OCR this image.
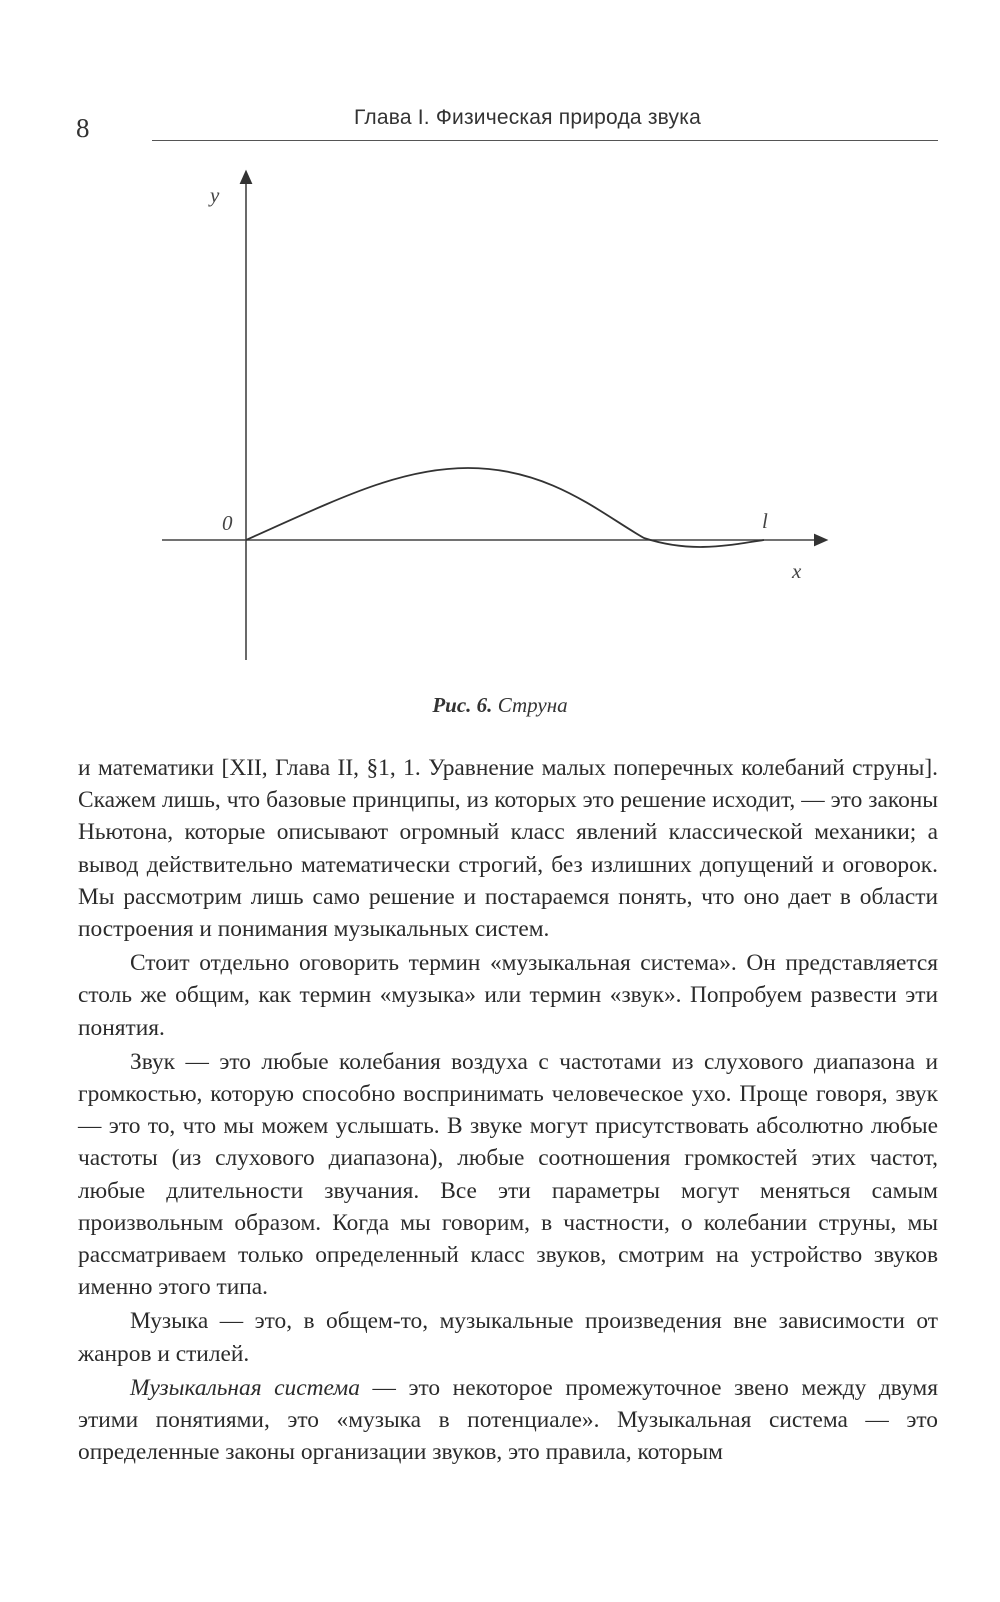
8	Глава I. Физическая природа звука
y
x
0	l
Рис. 6. Струна

и математики [XII, Глава II, §1, 1. Уравнение малых поперечных колебаний струны]. Скажем лишь, что базовые принципы, из которых это решение исходит, — это законы Ньютона, которые описывают огромный класс явлений классической механики; а вывод действительно математически строгий, без излишних допущений и оговорок. Мы рассмотрим лишь само решение и постараемся понять, что оно дает в области построения и понимания музыкальных систем.

Стоит отдельно оговорить термин «музыкальная система». Он представляется столь же общим, как термин «музыка» или термин «звук». Попробуем развести эти понятия.

Звук — это любые колебания воздуха с частотами из слухового диапазона и громкостью, которую способно воспринимать человеческое ухо. Проще говоря, звук — это то, что мы можем услышать. В звуке могут присутствовать абсолютно любые частоты (из слухового диапазона), любые соотношения громкостей этих частот, любые длительности звучания. Все эти параметры могут меняться самым произвольным образом. Когда мы говорим, в частности, о колебании струны, мы рассматриваем только определенный класс звуков, смотрим на устройство звуков именно этого типа.

Музыка — это, в общем-то, музыкальные произведения вне зависимости от жанров и стилей.

Музыкальная система — это некоторое промежуточное звено между двумя этими понятиями, это «музыка в потенциале». Музыкальная система — это определенные законы организации звуков, это правила, которым
